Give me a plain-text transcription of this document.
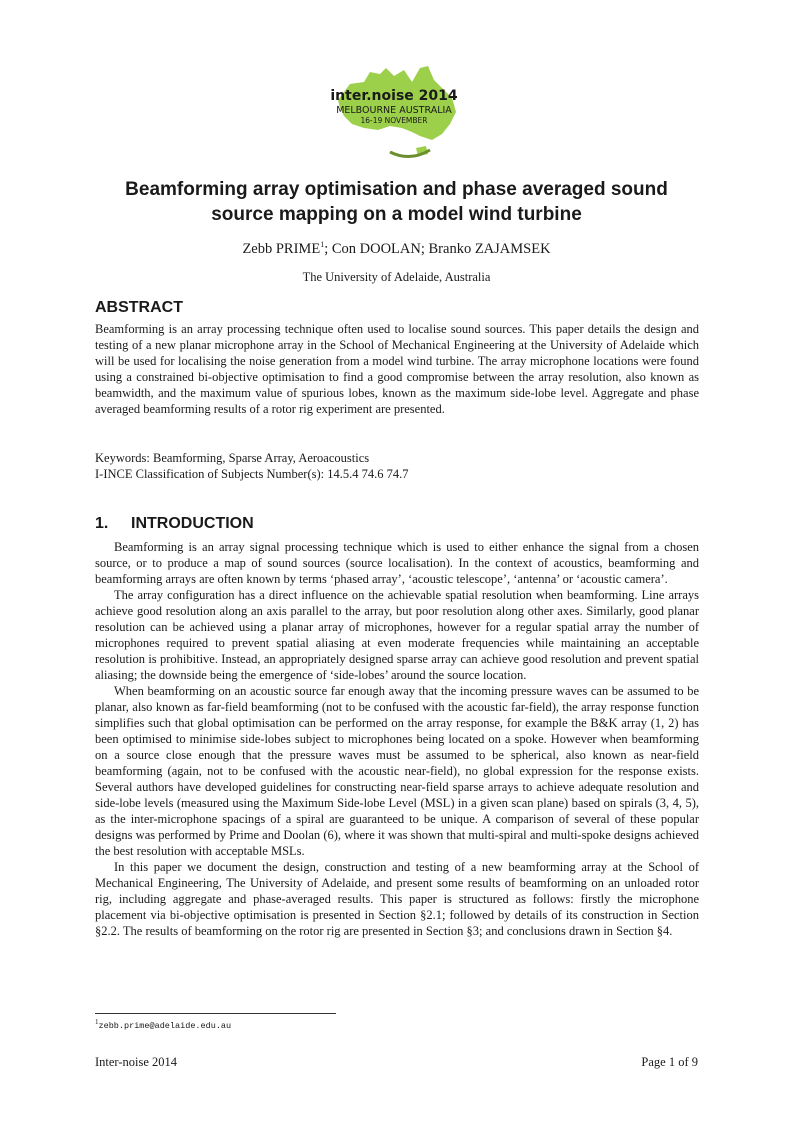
inter.noise 2014
MELBOURNE AUSTRALIA
16-19 NOVEMBER
Beamforming array optimisation and phase averaged sound
source mapping on a model wind turbine
Zebb PRIME$^1$; Con DOOLAN; Branko ZAJAMSEK
The University of Adelaide, Australia
ABSTRACT

Beamforming is an array processing technique often used to localise sound sources. This paper details the design and testing of a new planar microphone array in the School of Mechanical Engineering at the University of Adelaide which will be used for localising the noise generation from a model wind turbine. The array microphone locations were found using a constrained bi-objective optimisation to find a good compromise between the array resolution, also known as beamwidth, and the maximum value of spurious lobes, known as the maximum side-lobe level. Aggregate and phase averaged beamforming results of a rotor rig experiment are presented.

Keywords: Beamforming, Sparse Array, Aeroacoustics
I-INCE Classification of Subjects Number(s): 14.5.4 74.6 74.7
1. INTRODUCTION

Beamforming is an array signal processing technique which is used to either enhance the signal from a chosen source, or to produce a map of sound sources (source localisation). In the context of acoustics, beamforming and beamforming arrays are often known by terms ‘phased array’, ‘acoustic telescope’, ‘antenna’ or ‘acoustic camera’.

The array configuration has a direct influence on the achievable spatial resolution when beamforming. Line arrays achieve good resolution along an axis parallel to the array, but poor resolution along other axes. Similarly, good planar resolution can be achieved using a planar array of microphones, however for a regular spatial array the number of microphones required to prevent spatial aliasing at even moderate frequencies while maintaining an acceptable resolution is prohibitive. Instead, an appropriately designed sparse array can achieve good resolution and prevent spatial aliasing; the downside being the emergence of ‘side-lobes’ around the source location.

When beamforming on an acoustic source far enough away that the incoming pressure waves can be assumed to be planar, also known as far-field beamforming (not to be confused with the acoustic far-field), the array response function simplifies such that global optimisation can be performed on the array response, for example the B&K array (1, 2) has been optimised to minimise side-lobes subject to microphones being located on a spoke. However when beamforming on a source close enough that the pressure waves must be assumed to be spherical, also known as near-field beamforming (again, not to be confused with the acoustic near-field), no global expression for the response exists. Several authors have developed guidelines for constructing near-field sparse arrays to achieve adequate resolution and side-lobe levels (measured using the Maximum Side-lobe Level (MSL) in a given scan plane) based on spirals (3, 4, 5), as the inter-microphone spacings of a spiral are guaranteed to be unique. A comparison of several of these popular designs was performed by Prime and Doolan (6), where it was shown that multi-spiral and multi-spoke designs achieved the best resolution with acceptable MSLs.

In this paper we document the design, construction and testing of a new beamforming array at the School of Mechanical Engineering, The University of Adelaide, and present some results of beamforming on an unloaded rotor rig, including aggregate and phase-averaged results. This paper is structured as follows: firstly the microphone placement via bi-objective optimisation is presented in Section §2.1; followed by details of its construction in Section §2.2. The results of beamforming on the rotor rig are presented in Section §3; and conclusions drawn in Section §4.

$^1$zebb.prime@adelaide.edu.au
Inter-noise 2014	Page 1 of 9
